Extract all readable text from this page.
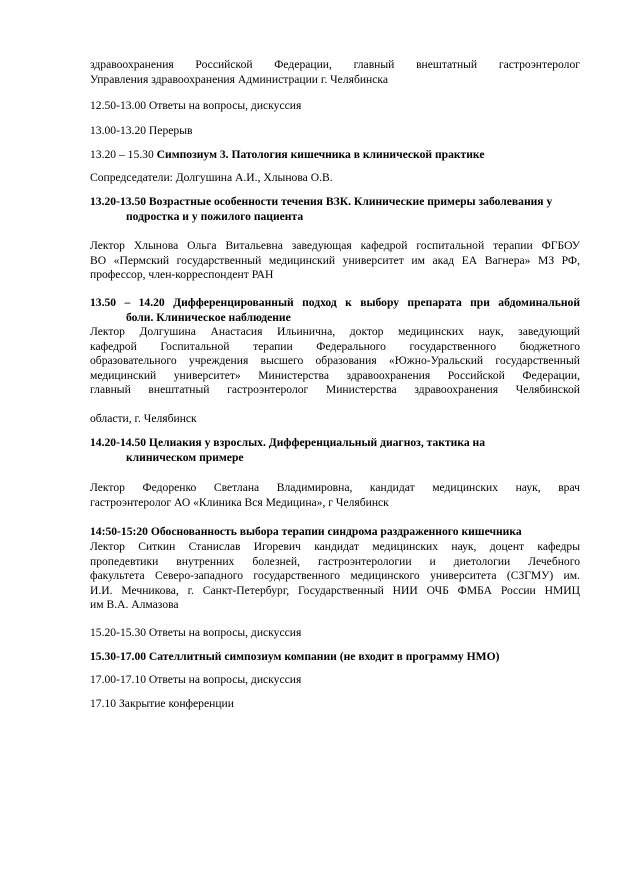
здравоохранения Российской Федерации, главный внештатный гастроэнтеролог
Управления здравоохранения Администрации г. Челябинска
12.50-13.00 Ответы на вопросы, дискуссия
13.00-13.20 Перерыв
13.20 – 15.30 Симпозиум 3. Патология кишечника в клинической практике
Сопредседатели: Долгушина А.И., Хлынова О.В.
13.20-13.50 Возрастные особенности течения ВЗК. Клинические примеры заболевания у
подростка и у пожилого пациента
Лектор Хлынова Ольга Витальевна заведующая кафедрой госпитальной терапии ФГБОУ
ВО «Пермский государственный медицинский университет им акад ЕА Вагнера» МЗ РФ,
профессор, член-корреспондент РАН
13.50 – 14.20 Дифференцированный подход к выбору препарата при абдоминальной
боли. Клиническое наблюдение
Лектор Долгушина Анастасия Ильинична, доктор медицинских наук, заведующий
кафедрой Госпитальной терапии Федерального государственного бюджетного
образовательного учреждения высшего образования «Южно-Уральский государственный
медицинский университет» Министерства здравоохранения Российской Федерации,
главный внештатный гастроэнтеролог Министерства здравоохранения Челябинской
области, г. Челябинск
14.20-14.50 Целиакия у взрослых. Дифференциальный диагноз, тактика на
клиническом примере
Лектор Федоренко Светлана Владимировна, кандидат медицинских наук, врач
гастроэнтеролог АО «Клиника Вся Медицина», г Челябинск
14:50-15:20 Обоснованность выбора терапии синдрома раздраженного кишечника
Лектор Ситкин Станислав Игоревич кандидат медицинских наук, доцент кафедры
пропедевтики внутренних болезней, гастроэнтерологии и диетологии Лечебного
факультета Северо-западного государственного медицинского университета (СЗГМУ) им.
И.И. Мечникова, г. Санкт-Петербург, Государственный НИИ ОЧБ ФМБА России НМИЦ
им В.А. Алмазова
15.20-15.30 Ответы на вопросы, дискуссия
15.30-17.00 Сателлитный симпозиум компании (не входит в программу НМО)
17.00-17.10 Ответы на вопросы, дискуссия
17.10 Закрытие конференции
